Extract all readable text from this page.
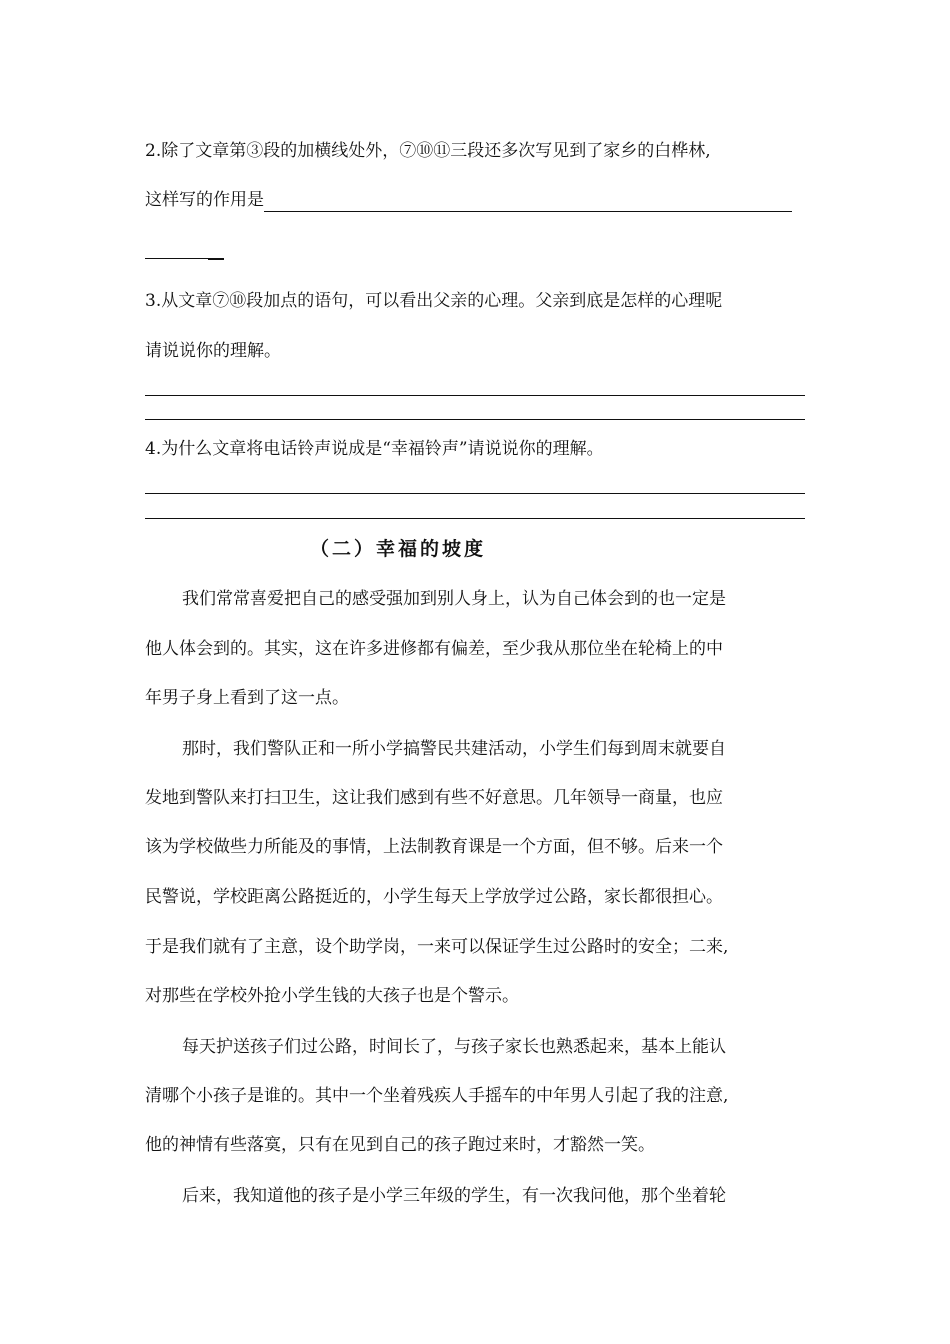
2.除了文章第③段的加横线处外，⑦⑩⑪三段还多次写见到了家乡的白桦林,
这样写的作用是
3.从文章⑦⑩段加点的语句，可以看出父亲的心理。父亲到底是怎样的心理呢
请说说你的理解。
4.为什么文章将电话铃声说成是“幸福铃声”请说说你的理解。
（二）幸福的坡度
我们常常喜爱把自己的感受强加到别人身上，认为自己体会到的也一定是
他人体会到的。其实，这在许多进修都有偏差，至少我从那位坐在轮椅上的中
年男子身上看到了这一点。
那时，我们警队正和一所小学搞警民共建活动，小学生们每到周末就要自
发地到警队来打扫卫生，这让我们感到有些不好意思。几年领导一商量，也应
该为学校做些力所能及的事情，上法制教育课是一个方面，但不够。后来一个
民警说，学校距离公路挺近的，小学生每天上学放学过公路，家长都很担心。
于是我们就有了主意，设个助学岗，一来可以保证学生过公路时的安全；二来,
对那些在学校外抢小学生钱的大孩子也是个警示。
每天护送孩子们过公路，时间长了，与孩子家长也熟悉起来，基本上能认
清哪个小孩子是谁的。其中一个坐着残疾人手摇车的中年男人引起了我的注意,
他的神情有些落寞，只有在见到自己的孩子跑过来时，才豁然一笑。
后来，我知道他的孩子是小学三年级的学生，有一次我问他，那个坐着轮
